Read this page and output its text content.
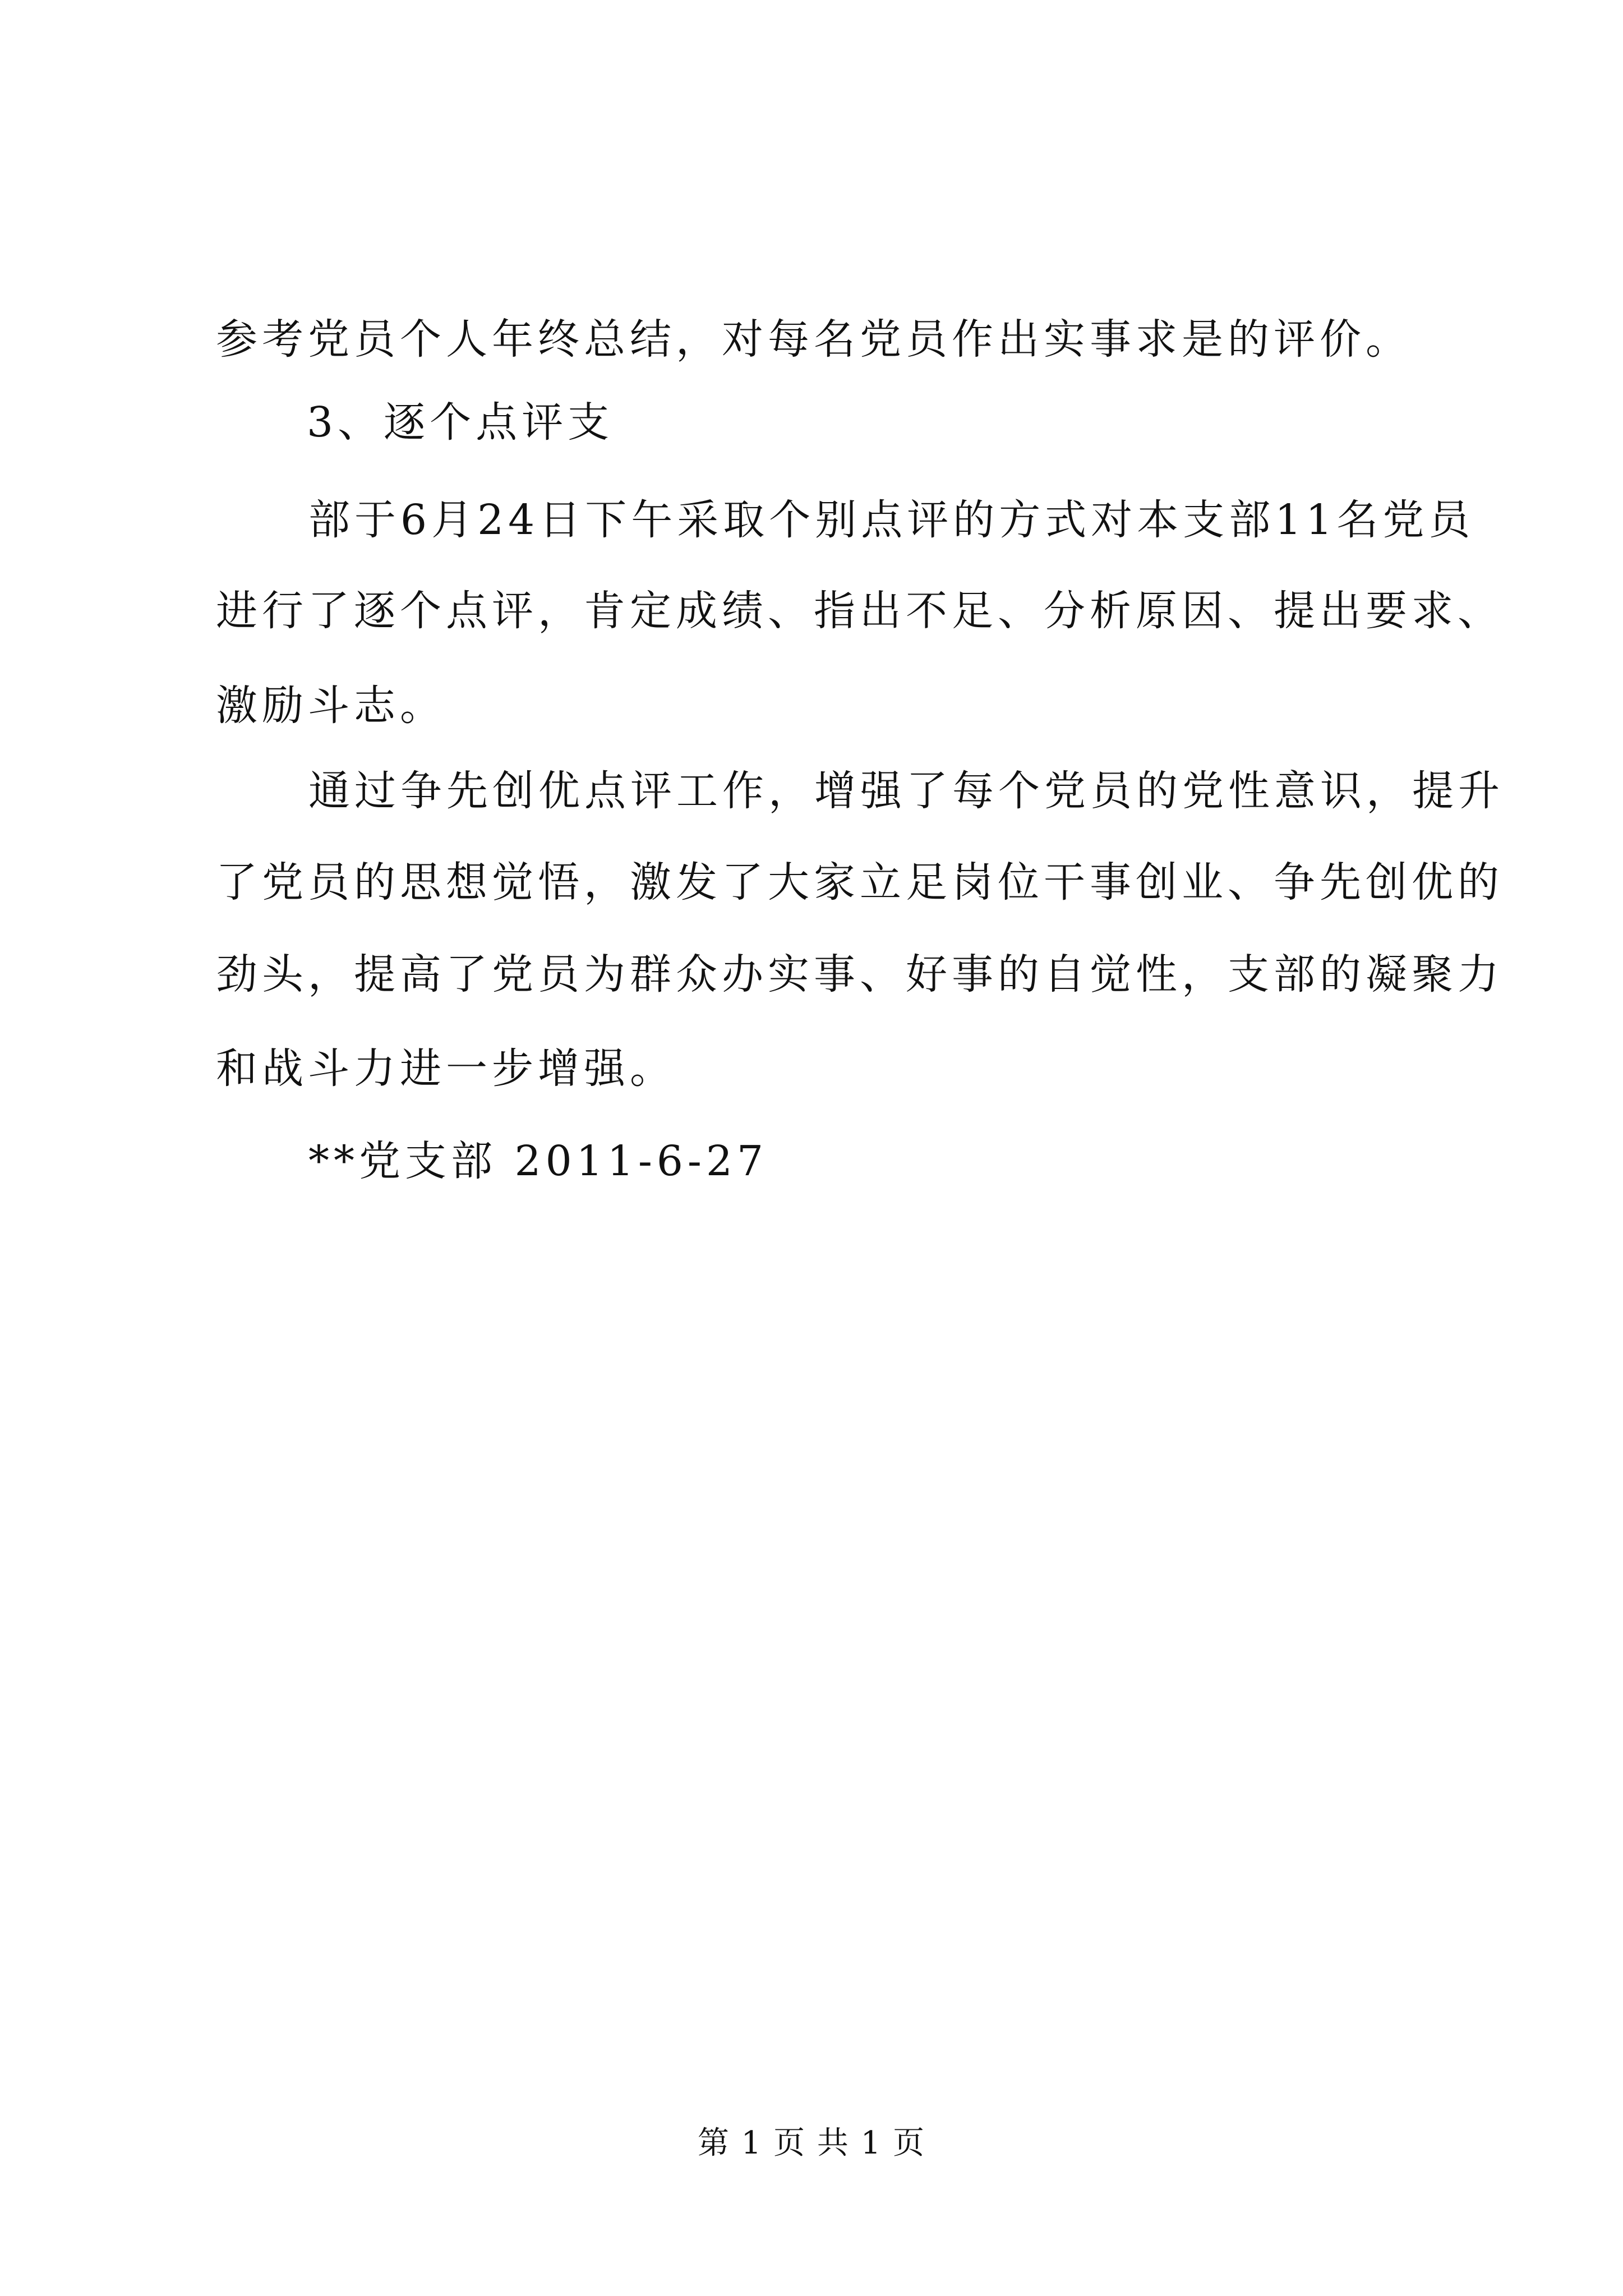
参考党员个人年终总结，对每名党员作出实事求是的评价。
3、逐个点评支
部于6月24日下午采取个别点评的方式对本支部11名党员
进行了逐个点评，肯定成绩、指出不足、分析原因、提出要求、
激励斗志。
通过争先创优点评工作，增强了每个党员的党性意识，提升
了党员的思想觉悟，激发了大家立足岗位干事创业、争先创优的
劲头，提高了党员为群众办实事、好事的自觉性，支部的凝聚力
和战斗力进一步增强。
**党支部 2011-6-27
第 1 页 共 1 页
